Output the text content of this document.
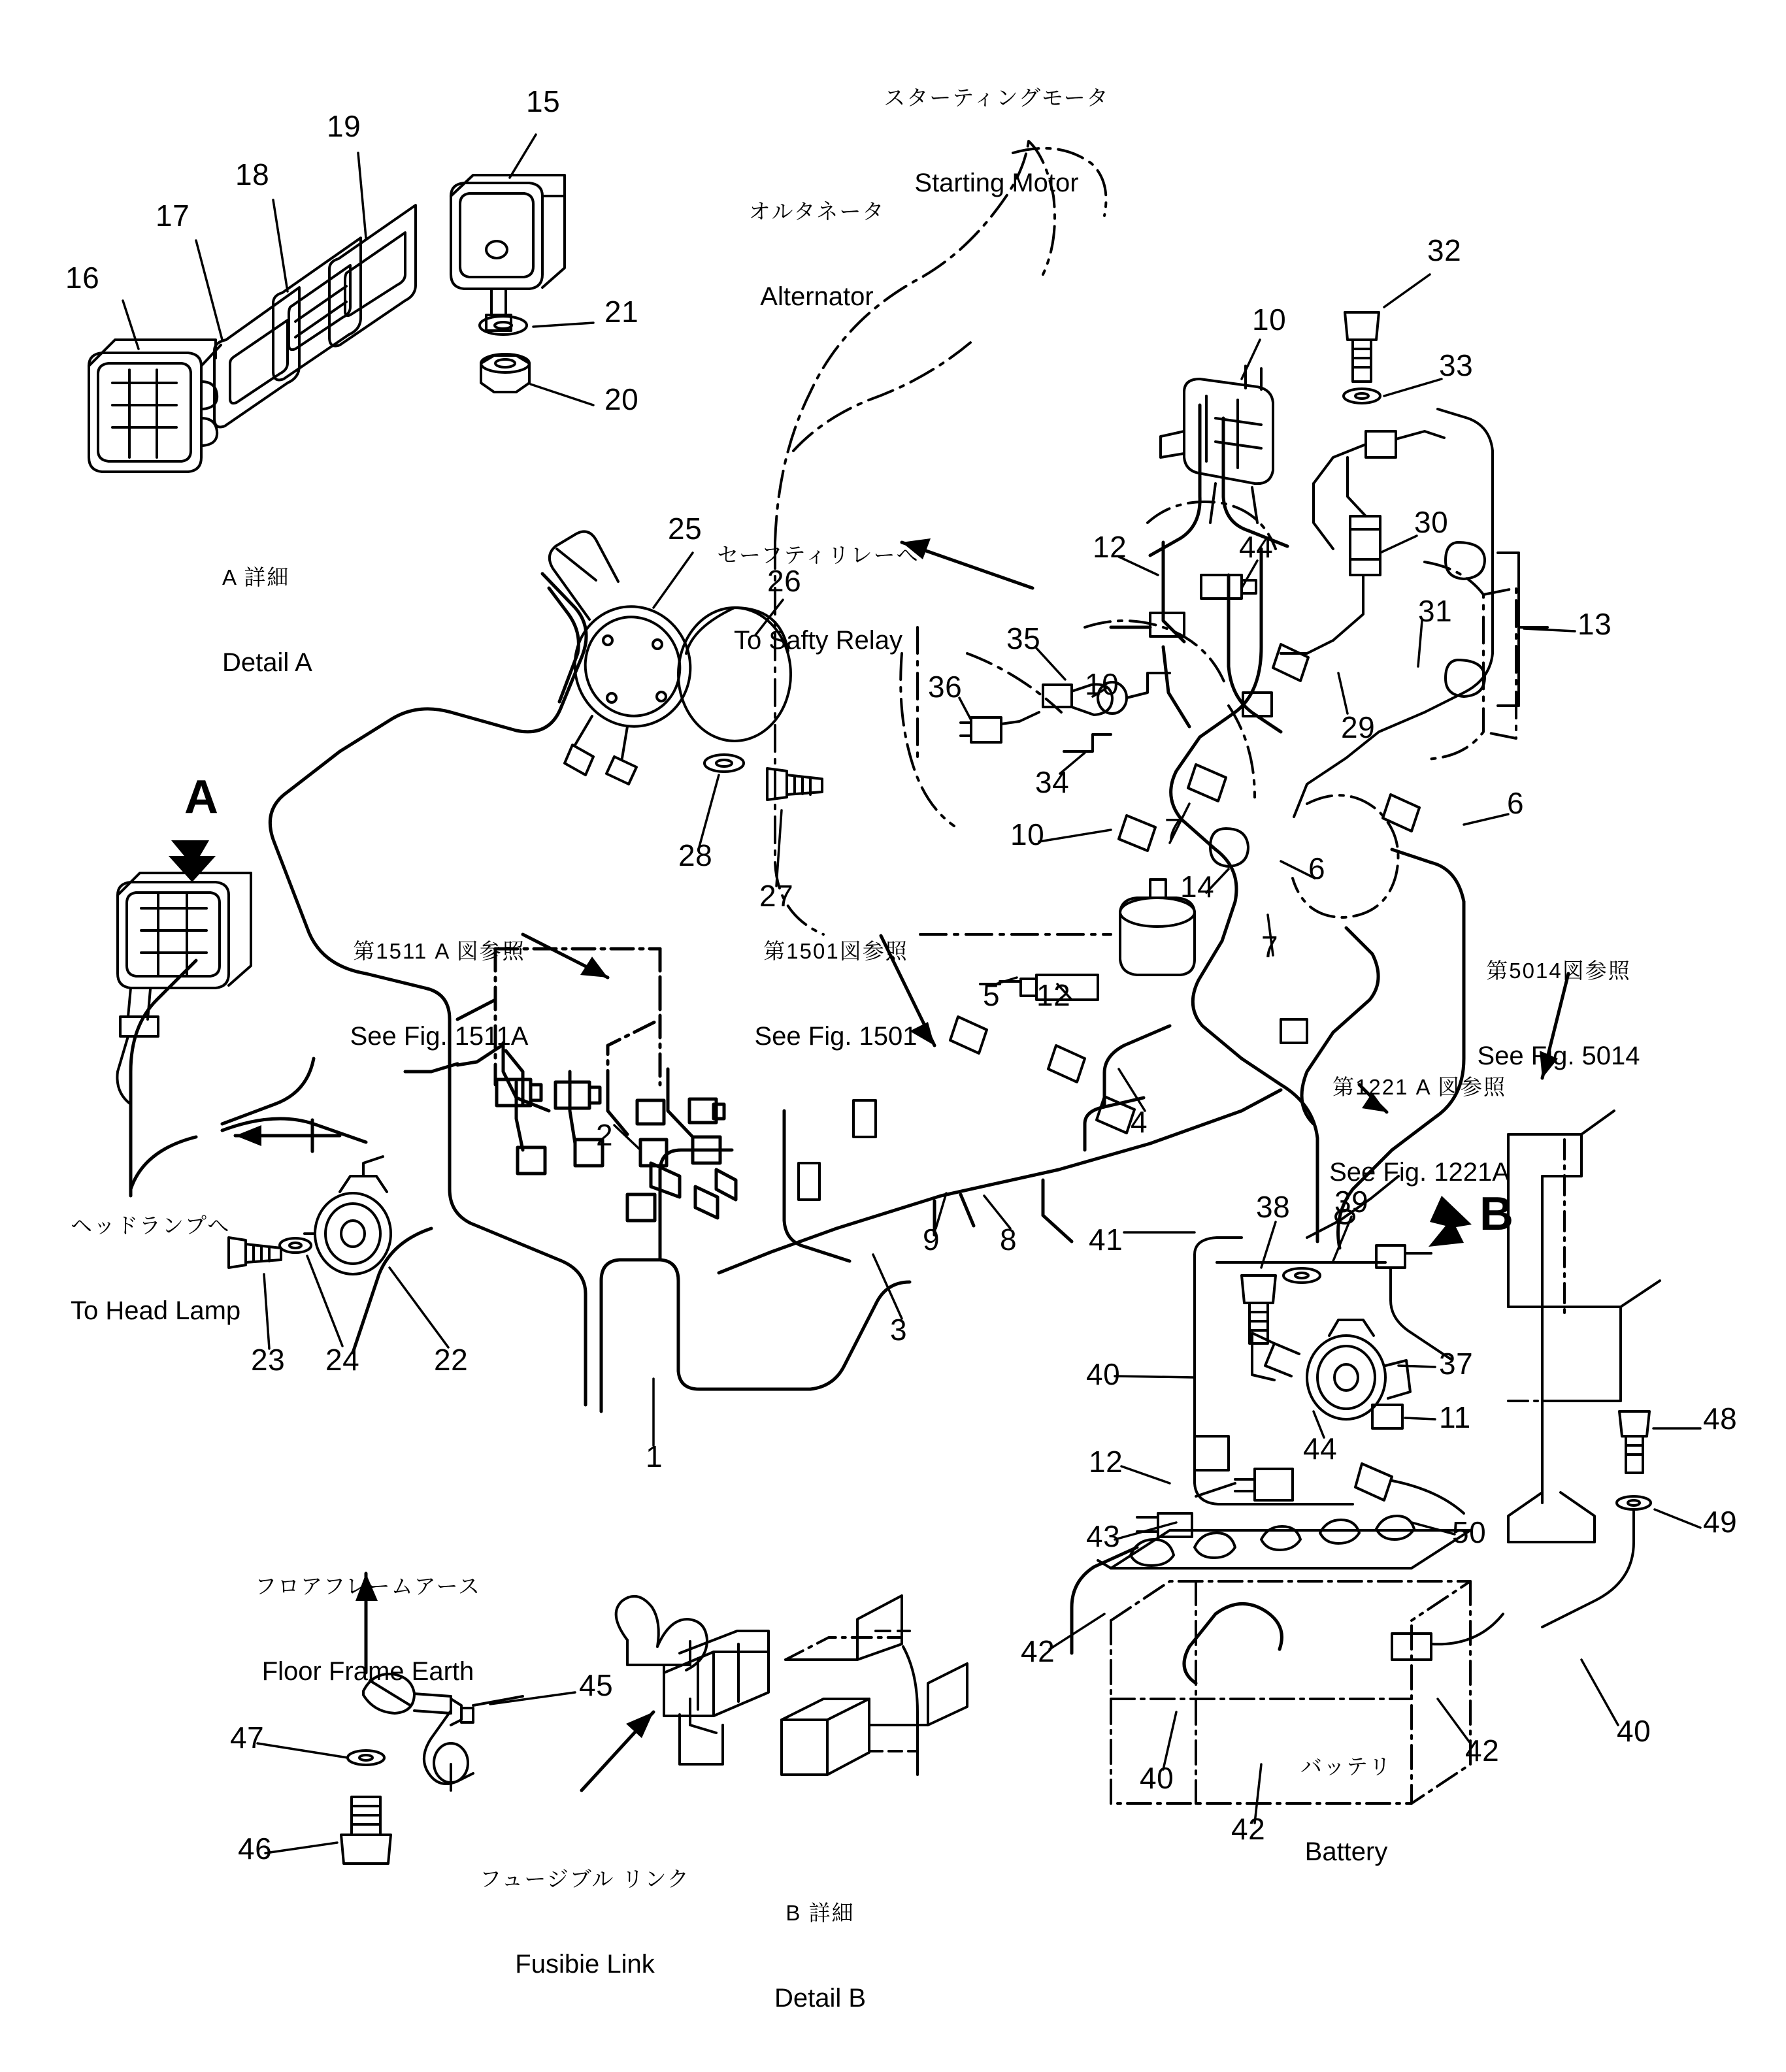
16
17
18
19
15
21
20
32
33
30
31	13
10
12	44
29
35
36	10
34
10	7
14
6
7
6
25
26
28
27
5 12
4
2
9 8
3
1
23 24 22
41
38 39
37
11
40
44
12
43
42
50
48
49
40
42
42
40
45
47
46
A
B

A 詳細

Detail A

オルタネータ

Alternator

スターティングモータ

Starting Motor

セーフティリレーへ

To Safty Relay

第1511 A 図参照

See Fig. 1511A

第1501図参照

See Fig. 1501

第5014図参照

See Fig. 5014

第1221 A 図参照

See Fig. 1221A

ヘッドランプへ

To Head Lamp

フロアフレームアース

Floor Frame Earth

フュージブル リンク

Fusibie Link

B 詳細

Detail B

バッテリ

Battery
